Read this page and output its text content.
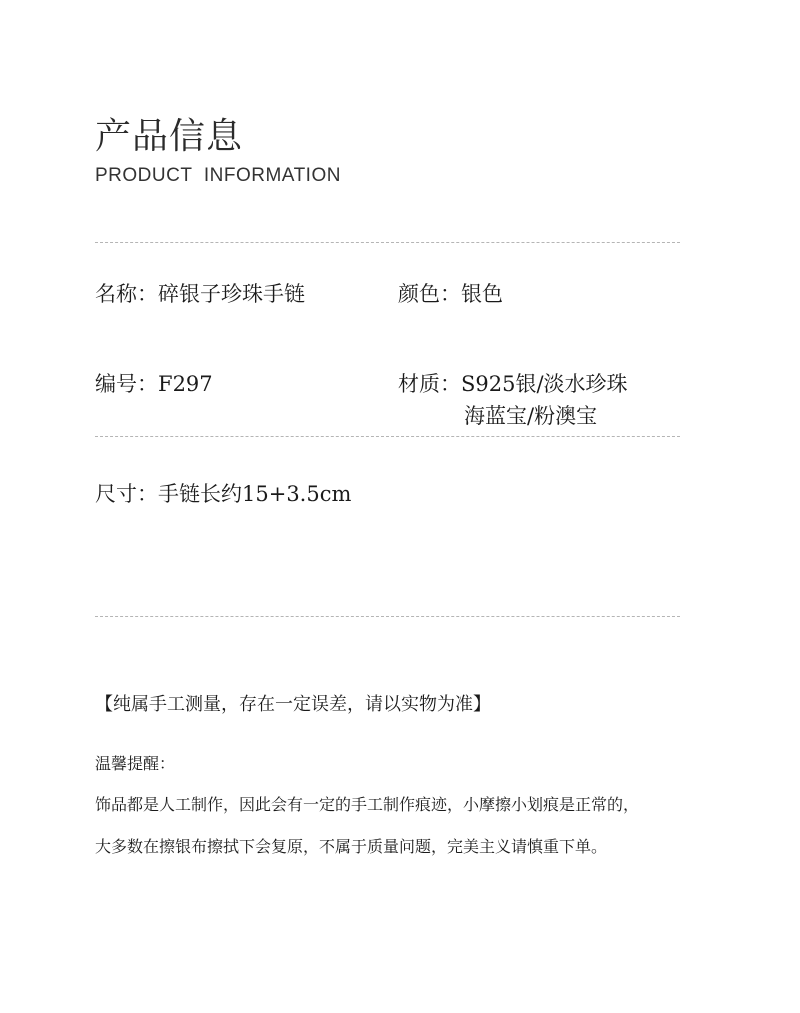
产品信息
PRODUCT INFORMATION
名称：碎银子珍珠手链	颜色：银色
编号：F297	材质：S925银/淡水珍珠
海蓝宝/粉澳宝
尺寸：手链长约15+3.5cm
【纯属手工测量，存在一定误差，请以实物为准】
温馨提醒：
饰品都是人工制作，因此会有一定的手工制作痕迹，小摩擦小划痕是正常的，
大多数在擦银布擦拭下会复原，不属于质量问题，完美主义请慎重下单。
